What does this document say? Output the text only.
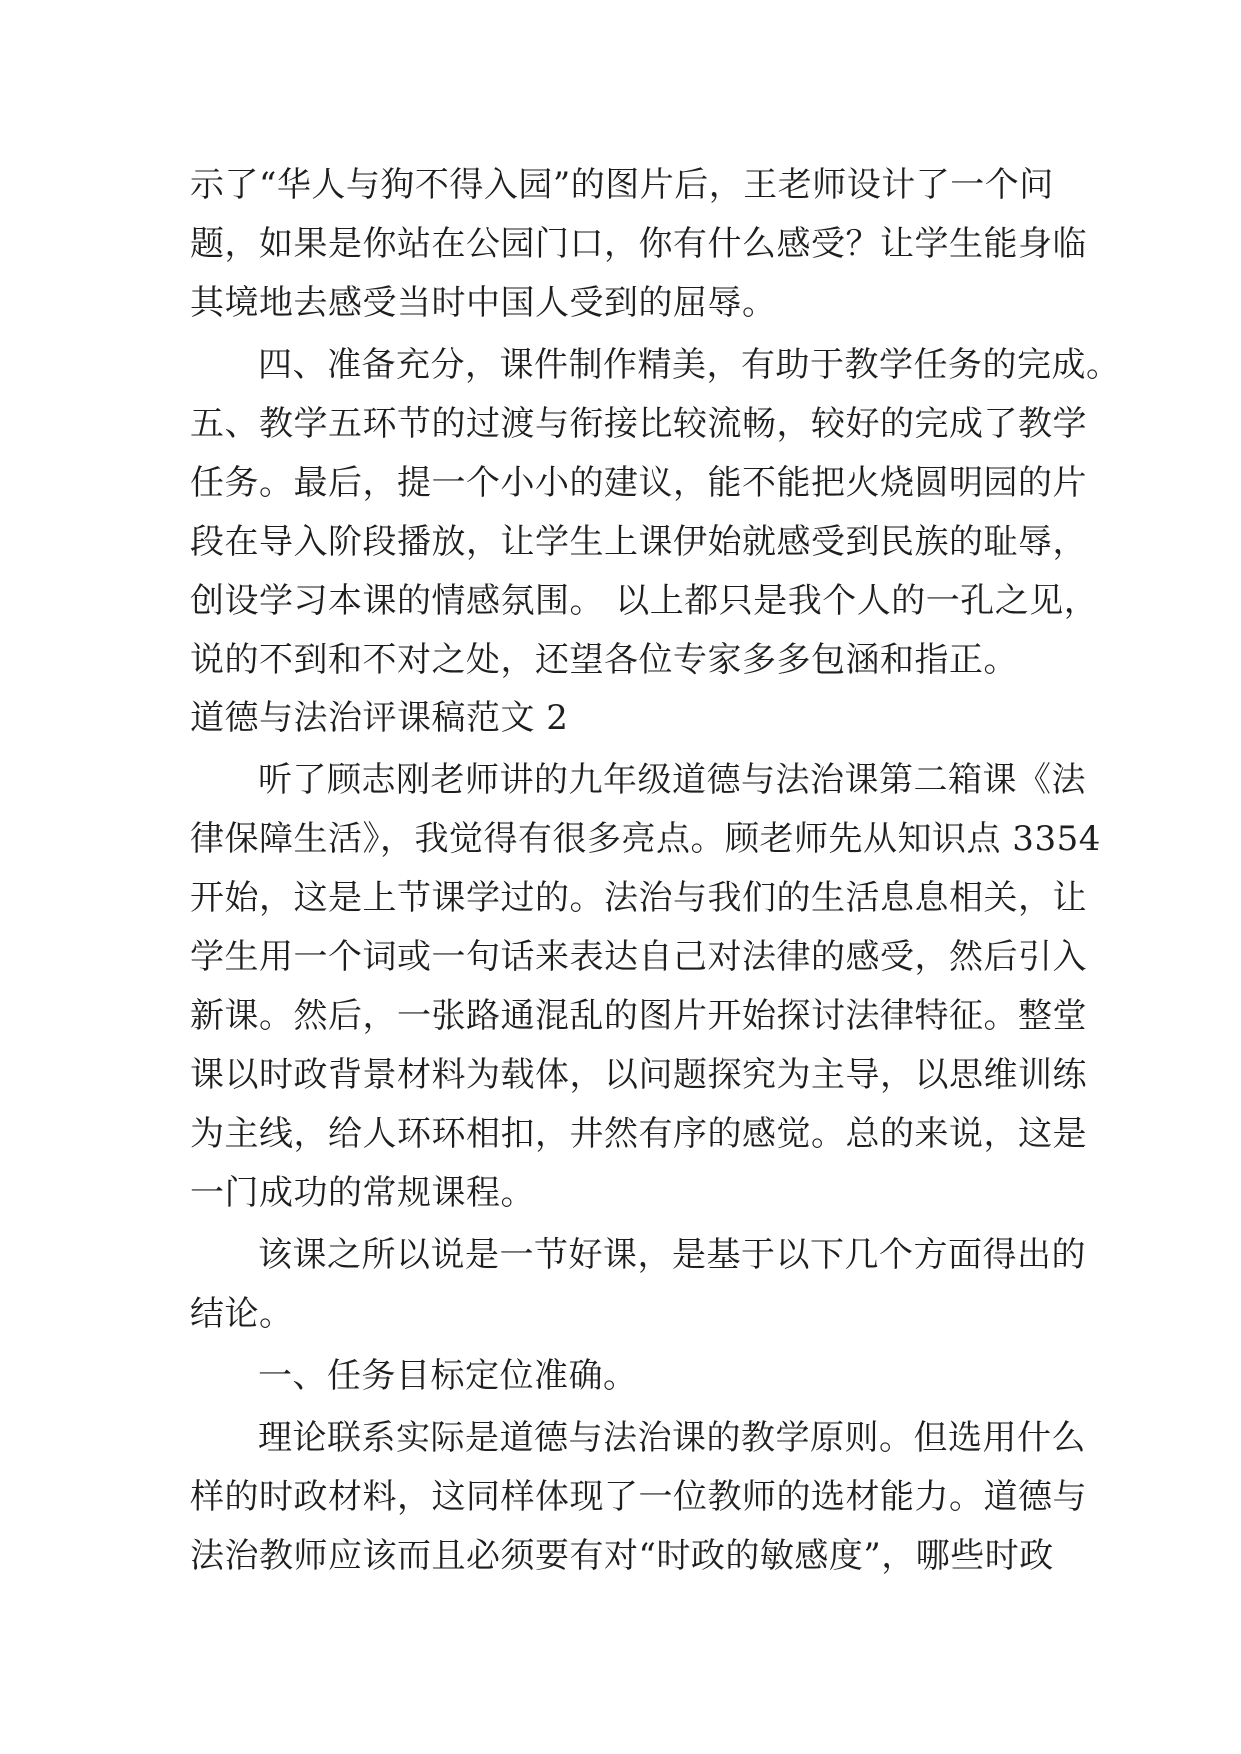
示了“华人与狗不得入园”的图片后，王老师设计了一个问
题，如果是你站在公园门口，你有什么感受？让学生能身临
其境地去感受当时中国人受到的屈辱。
四、准备充分，课件制作精美，有助于教学任务的完成。
五、教学五环节的过渡与衔接比较流畅，较好的完成了教学
任务。最后，提一个小小的建议，能不能把火烧圆明园的片
段在导入阶段播放，让学生上课伊始就感受到民族的耻辱，
创设学习本课的情感氛围。 以上都只是我个人的一孔之见，
说的不到和不对之处，还望各位专家多多包涵和指正。
道德与法治评课稿范文 2
听了顾志刚老师讲的九年级道德与法治课第二箱课《法
律保障生活》，我觉得有很多亮点。顾老师先从知识点 3354
开始，这是上节课学过的。法治与我们的生活息息相关，让
学生用一个词或一句话来表达自己对法律的感受，然后引入
新课。然后，一张路通混乱的图片开始探讨法律特征。整堂
课以时政背景材料为载体，以问题探究为主导，以思维训练
为主线，给人环环相扣，井然有序的感觉。总的来说，这是
一门成功的常规课程。
该课之所以说是一节好课，是基于以下几个方面得出的
结论。
一、任务目标定位准确。
理论联系实际是道德与法治课的教学原则。但选用什么
样的时政材料，这同样体现了一位教师的选材能力。道德与
法治教师应该而且必须要有对“时政的敏感度”，哪些时政
